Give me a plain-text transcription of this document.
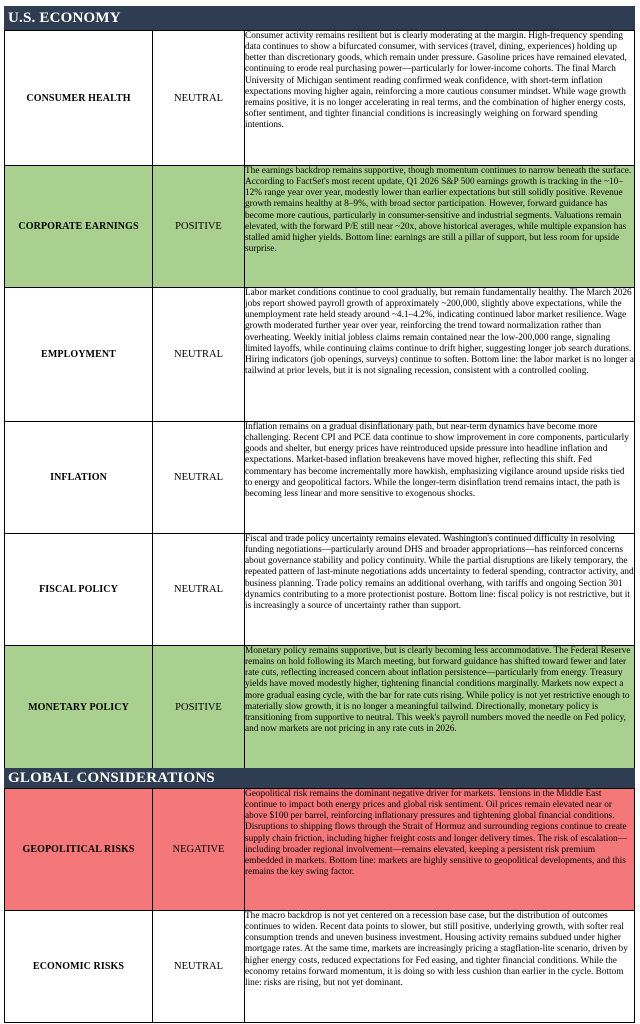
U.S. ECONOMY
CONSUMER HEALTH	NEUTRAL	Consumer activity remains resilient but is clearly moderating at the margin. High-frequency spending data continues to show a bifurcated consumer, with services (travel, dining, experiences) holding up better than discretionary goods, which remain under pressure. Gasoline prices have remained elevated, continuing to erode real purchasing power—particularly for lower-income cohorts. The final March University of Michigan sentiment reading confirmed weak confidence, with short-term inflation expectations moving higher again, reinforcing a more cautious consumer mindset. While wage growth remains positive, it is no longer accelerating in real terms, and the combination of higher energy costs, softer sentiment, and tighter financial conditions is increasingly weighing on forward spending intentions.
CORPORATE EARNINGS	POSITIVE	The earnings backdrop remains supportive, though momentum continues to narrow beneath the surface. According to FactSet's most recent update, Q1 2026 S&P 500 earnings growth is tracking in the ~10–12% range year over year, modestly lower than earlier expectations but still solidly positive. Revenue growth remains healthy at 8–9%, with broad sector participation. However, forward guidance has become more cautious, particularly in consumer-sensitive and industrial segments. Valuations remain elevated, with the forward P/E still near ~20x, above historical averages, while multiple expansion has stalled amid higher yields. Bottom line: earnings are still a pillar of support, but less room for upside surprise.
EMPLOYMENT	NEUTRAL	Labor market conditions continue to cool gradually, but remain fundamentally healthy. The March 2026 jobs report showed payroll growth of approximately ~200,000, slightly above expectations, while the unemployment rate held steady around ~4.1–4.2%, indicating continued labor market resilience. Wage growth moderated further year over year, reinforcing the trend toward normalization rather than overheating. Weekly initial jobless claims remain contained near the low-200,000 range, signaling limited layoffs, while continuing claims continue to drift higher, suggesting longer job search durations. Hiring indicators (job openings, surveys) continue to soften. Bottom line: the labor market is no longer a tailwind at prior levels, but it is not signaling recession, consistent with a controlled cooling.
INFLATION	NEUTRAL	Inflation remains on a gradual disinflationary path, but near-term dynamics have become more challenging. Recent CPI and PCE data continue to show improvement in core components, particularly goods and shelter, but energy prices have reintroduced upside pressure into headline inflation and expectations. Market-based inflation breakevens have moved higher, reflecting this shift. Fed commentary has become incrementally more hawkish, emphasizing vigilance around upside risks tied to energy and geopolitical factors. While the longer-term disinflation trend remains intact, the path is becoming less linear and more sensitive to exogenous shocks.
FISCAL POLICY	NEUTRAL	Fiscal and trade policy uncertainty remains elevated. Washington's continued difficulty in resolving funding negotiations—particularly around DHS and broader appropriations—has reinforced concerns about governance stability and policy continuity. While the partial disruptions are likely temporary, the repeated pattern of last-minute negotiations adds uncertainty to federal spending, contractor activity, and business planning. Trade policy remains an additional overhang, with tariffs and ongoing Section 301 dynamics contributing to a more protectionist posture. Bottom line: fiscal policy is not restrictive, but it is increasingly a source of uncertainty rather than support.
MONETARY POLICY	POSITIVE	Monetary policy remains supportive, but is clearly becoming less accommodative. The Federal Reserve remains on hold following its March meeting, but forward guidance has shifted toward fewer and later rate cuts, reflecting increased concern about inflation persistence—particularly from energy. Treasury yields have moved modestly higher, tightening financial conditions marginally. Markets now expect a more gradual easing cycle, with the bar for rate cuts rising. While policy is not yet restrictive enough to materially slow growth, it is no longer a meaningful tailwind. Directionally, monetary policy is transitioning from supportive to neutral. This week's payroll numbers moved the needle on Fed policy, and now markets are not pricing in any rate cuts in 2026.
GLOBAL CONSIDERATIONS
GEOPOLITICAL RISKS	NEGATIVE	Geopolitical risk remains the dominant negative driver for markets. Tensions in the Middle East continue to impact both energy prices and global risk sentiment. Oil prices remain elevated near or above $100 per barrel, reinforcing inflationary pressures and tightening global financial conditions. Disruptions to shipping flows through the Strait of Hormuz and surrounding regions continue to create supply chain friction, including higher freight costs and longer delivery times. The risk of escalation—including broader regional involvement—remains elevated, keeping a persistent risk premium embedded in markets. Bottom line: markets are highly sensitive to geopolitical developments, and this remains the key swing factor.
ECONOMIC RISKS	NEUTRAL	The macro backdrop is not yet centered on a recession base case, but the distribution of outcomes continues to widen. Recent data points to slower, but still positive, underlying growth, with softer real consumption trends and uneven business investment. Housing activity remains subdued under higher mortgage rates. At the same time, markets are increasingly pricing a stagflation-lite scenario, driven by higher energy costs, reduced expectations for Fed easing, and tighter financial conditions. While the economy retains forward momentum, it is doing so with less cushion than earlier in the cycle. Bottom line: risks are rising, but not yet dominant.
